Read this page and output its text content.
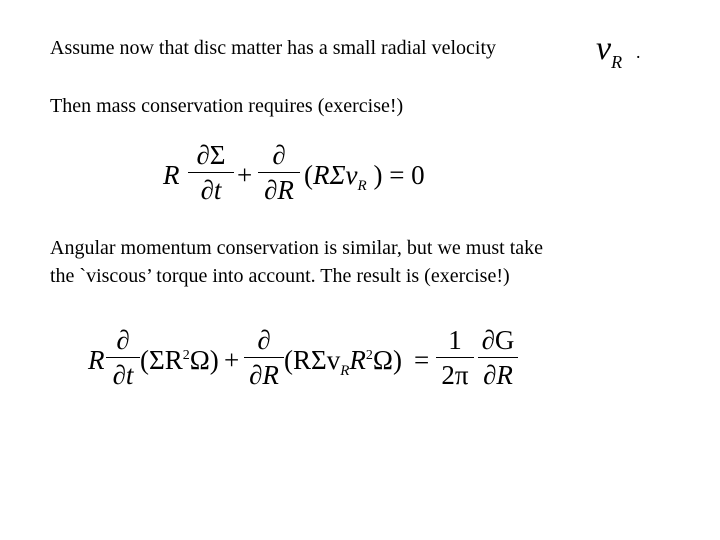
Assume now that disc matter has a small radial velocity	$v_R$ .
Then mass conservation requires (exercise!)
R
∂Σ
∂t +
∂
∂R (RΣv$_R$ ) = 0
Angular momentum conservation is similar, but we must take
the `viscous’ torque into account. The result is (exercise!)
R
∂
∂t $(\Sigma R^2\Omega)$ +
∂
∂R $(R\Sigma v_RR^2\Omega)$ =
1
2π
∂G
∂R
